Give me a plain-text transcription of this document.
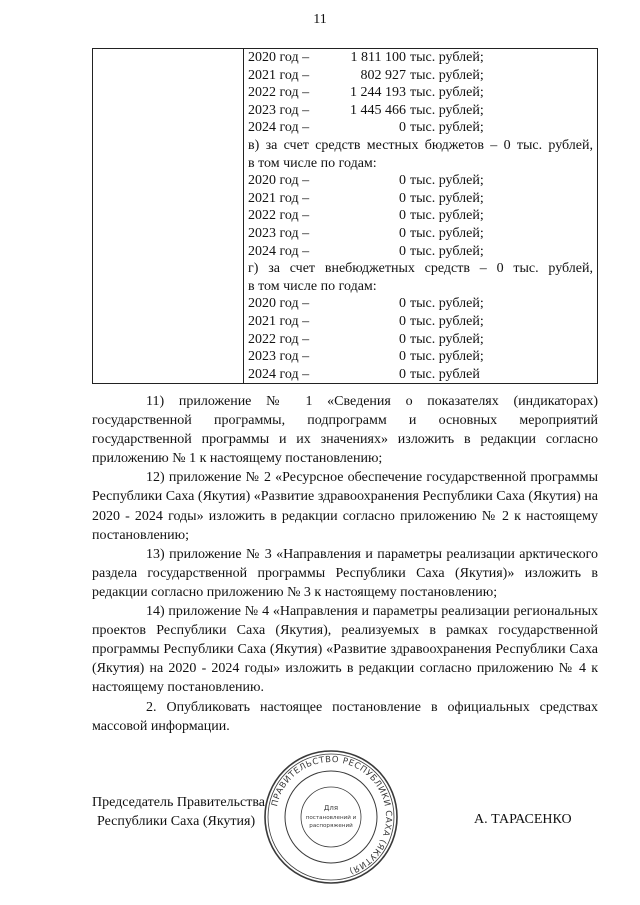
11

2020 год –	1 811 100 тыс. рублей;
2021 год –	802 927 тыс. рублей;
2022 год –	1 244 193 тыс. рублей;
2023 год –	1 445 466 тыс. рублей;
2024 год –	0 тыс. рублей;
в) за счет средств местных бюджетов – 0 тыс. рублей,
в том числе по годам:
2020 год –	0 тыс. рублей;
2021 год –	0 тыс. рублей;
2022 год –	0 тыс. рублей;
2023 год –	0 тыс. рублей;
2024 год –	0 тыс. рублей;
г) за счет внебюджетных средств – 0 тыс. рублей,
в том числе по годам:
2020 год –	0 тыс. рублей;
2021 год –	0 тыс. рублей;
2022 год –	0 тыс. рублей;
2023 год –	0 тыс. рублей;
2024 год –	0 тыс. рублей

11) приложение № 1 «Сведения о показателях (индикаторах) государственной программы, подпрограмм и основных мероприятий государственной программы и их значениях» изложить в редакции согласно приложению № 1 к настоящему постановлению;

12) приложение № 2 «Ресурсное обеспечение государственной программы Республики Саха (Якутия) «Развитие здравоохранения Республики Саха (Якутия) на 2020 - 2024 годы» изложить в редакции согласно приложению № 2 к настоящему постановлению;

13) приложение № 3 «Направления и параметры реализации арктического раздела государственной программы Республики Саха (Якутия)» изложить в редакции согласно приложению № 3 к настоящему постановлению;

14) приложение № 4 «Направления и параметры реализации региональных проектов Республики Саха (Якутия), реализуемых в рамках государственной программы Республики Саха (Якутия) «Развитие здравоохранения Республики Саха (Якутия) на 2020 - 2024 годы» изложить в редакции согласно приложению № 4 к настоящему постановлению.

2. Опубликовать настоящее постановление в официальных средствах массовой информации.

Председатель Правительства
Республики Саха (Якутия)	А. ТАРАСЕНКО
ПРАВИТЕЛЬСТВО РЕСПУБЛИКИ САХА (ЯКУТИЯ)
Для
постановлений и
распоряжений
